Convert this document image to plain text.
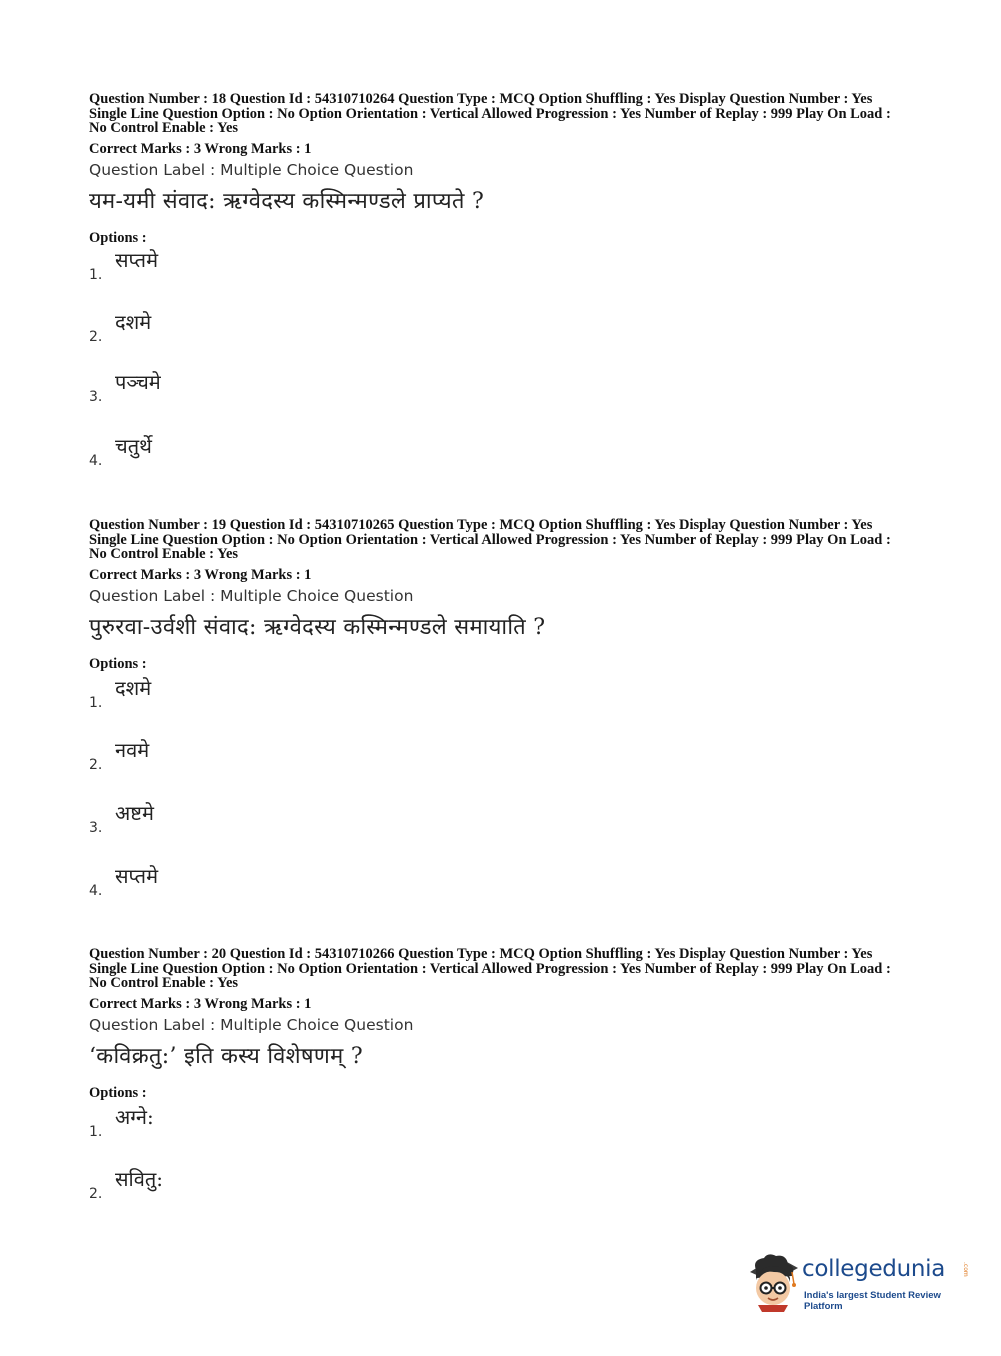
Question Number : 18 Question Id : 54310710264 Question Type : MCQ Option Shuffling : Yes Display Question Number : Yes
Single Line Question Option : No Option Orientation : Vertical Allowed Progression : Yes Number of Replay : 999 Play On Load :
No Control Enable : Yes
Correct Marks : 3 Wrong Marks : 1
Question Label : Multiple Choice Question
यम-यमी संवाद: ऋग्वेदस्य कस्मिन्मण्डले प्राप्यते ?
Options :
1.
सप्तमे
2.
दशमे
3.
पञ्चमे
4.
चतुर्थे
Question Number : 19 Question Id : 54310710265 Question Type : MCQ Option Shuffling : Yes Display Question Number : Yes
Single Line Question Option : No Option Orientation : Vertical Allowed Progression : Yes Number of Replay : 999 Play On Load :
No Control Enable : Yes
Correct Marks : 3 Wrong Marks : 1
Question Label : Multiple Choice Question
पुरुरवा-उर्वशी संवाद: ऋग्वेदस्य कस्मिन्मण्डले समायाति ?
Options :
1.
दशमे
2.
नवमे
3.
अष्टमे
4.
सप्तमे
Question Number : 20 Question Id : 54310710266 Question Type : MCQ Option Shuffling : Yes Display Question Number : Yes
Single Line Question Option : No Option Orientation : Vertical Allowed Progression : Yes Number of Replay : 999 Play On Load :
No Control Enable : Yes
Correct Marks : 3 Wrong Marks : 1
Question Label : Multiple Choice Question
‘कविक्रतु:’ इति कस्य विशेषणम् ?
Options :
1.
अग्ने:
2.
सवितु:
collegedunia	.com
India's largest Student Review Platform
